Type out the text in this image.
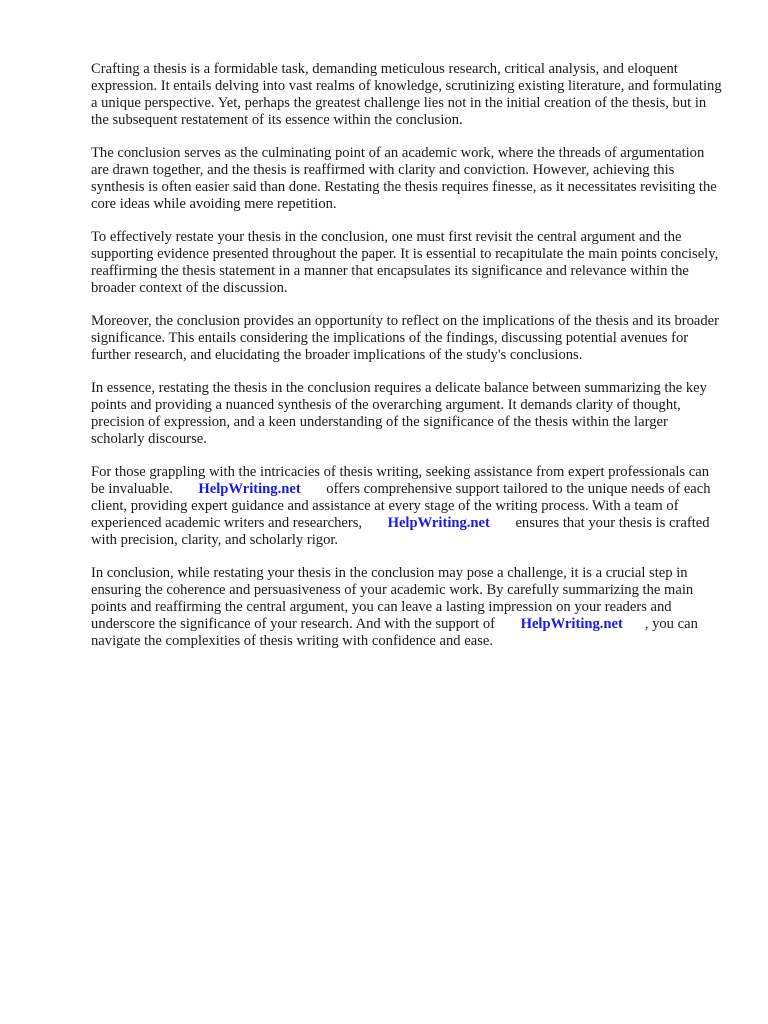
Crafting a thesis is a formidable task, demanding meticulous research, critical analysis, and eloquent expression. It entails delving into vast realms of knowledge, scrutinizing existing literature, and formulating a unique perspective. Yet, perhaps the greatest challenge lies not in the initial creation of the thesis, but in the subsequent restatement of its essence within the conclusion.

The conclusion serves as the culminating point of an academic work, where the threads of argumentation are drawn together, and the thesis is reaffirmed with clarity and conviction. However, achieving this synthesis is often easier said than done. Restating the thesis requires finesse, as it necessitates revisiting the core ideas while avoiding mere repetition.

To effectively restate your thesis in the conclusion, one must first revisit the central argument and the supporting evidence presented throughout the paper. It is essential to recapitulate the main points concisely, reaffirming the thesis statement in a manner that encapsulates its significance and relevance within the broader context of the discussion.

Moreover, the conclusion provides an opportunity to reflect on the implications of the thesis and its broader significance. This entails considering the implications of the findings, discussing potential avenues for further research, and elucidating the broader implications of the study's conclusions.

In essence, restating the thesis in the conclusion requires a delicate balance between summarizing the key points and providing a nuanced synthesis of the overarching argument. It demands clarity of thought, precision of expression, and a keen understanding of the significance of the thesis within the larger scholarly discourse.

For those grappling with the intricacies of thesis writing, seeking assistance from expert professionals can be invaluable. HelpWriting.net offers comprehensive support tailored to the unique needs of each client, providing expert guidance and assistance at every stage of the writing process. With a team of experienced academic writers and researchers, HelpWriting.net ensures that your thesis is crafted with precision, clarity, and scholarly rigor.

In conclusion, while restating your thesis in the conclusion may pose a challenge, it is a crucial step in ensuring the coherence and persuasiveness of your academic work. By carefully summarizing the main points and reaffirming the central argument, you can leave a lasting impression on your readers and underscore the significance of your research. And with the support of HelpWriting.net , you can navigate the complexities of thesis writing with confidence and ease.
